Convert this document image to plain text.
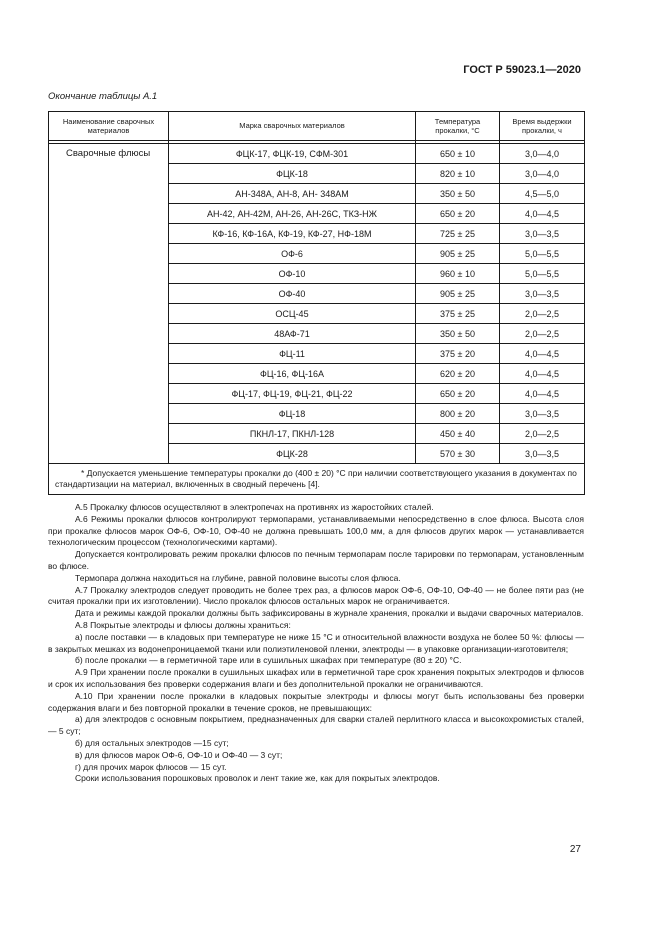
ГОСТ Р 59023.1—2020
Окончание таблицы А.1
Наименование сварочных материалов	Марка сварочных материалов	Температура прокалки, °С	Время выдержки прокалки, ч

Сварочные флюсы	ФЦК-17, ФЦК-19, СФМ-301	650 ± 10	3,0—4,0
	ФЦК-18	820 ± 10	3,0—4,0
	АН-348А, АН-8, АН- 348АМ	350 ± 50	4,5—5,0
	АН-42, АН-42М, АН-26, АН-26С, ТКЗ-НЖ	650 ± 20	4,0—4,5
	КФ-16, КФ-16А, КФ-19, КФ-27, НФ-18М	725 ± 25	3,0—3,5
	ОФ-6	905 ± 25	5,0—5,5
	ОФ-10	960 ± 10	5,0—5,5
	ОФ-40	905 ± 25	3,0—3,5
	ОСЦ-45	375 ± 25	2,0—2,5
	48АФ-71	350 ± 50	2,0—2,5
	ФЦ-11	375 ± 20	4,0—4,5
	ФЦ-16, ФЦ-16А	620 ± 20	4,0—4,5
	ФЦ-17, ФЦ-19, ФЦ-21, ФЦ-22	650 ± 20	4,0—4,5
	ФЦ-18	800 ± 20	3,0—3,5
	ПКНЛ-17, ПКНЛ-128	450 ± 40	2,0—2,5
	ФЦК-28	570 ± 30	3,0—3,5
* Допускается уменьшение температуры прокалки до (400 ± 20) °С при наличии соответствующего указания в документах по стандартизации на материал, включенных в сводный перечень [4].			

А.5 Прокалку флюсов осуществляют в электропечах на противнях из жаростойких сталей.

А.6 Режимы прокалки флюсов контролируют термопарами, устанавливаемыми непосредственно в слое флюса. Высота слоя при прокалке флюсов марок ОФ-6, ОФ-10, ОФ-40 не должна превышать 100,0 мм, а для флюсов других марок — устанавливается технологическим процессом (технологическими картами).

Допускается контролировать режим прокалки флюсов по печным термопарам после тарировки по термопарам, установленным во флюсе.

Термопара должна находиться на глубине, равной половине высоты слоя флюса.

А.7 Прокалку электродов следует проводить не более трех раз, а флюсов марок ОФ-6, ОФ-10, ОФ-40 — не более пяти раз (не считая прокалки при их изготовлении). Число прокалок флюсов остальных марок не ограничивается.

Дата и режимы каждой прокалки должны быть зафиксированы в журнале хранения, прокалки и выдачи сварочных материалов.

А.8 Покрытые электроды и флюсы должны храниться:

а) после поставки — в кладовых при температуре не ниже 15 °С и относительной влажности воздуха не более 50 %: флюсы — в закрытых мешках из водонепроницаемой ткани или полиэтиленовой пленки, электроды — в упаковке организации-изготовителя;

б) после прокалки — в герметичной таре или в сушильных шкафах при температуре (80 ± 20) °С.

А.9 При хранении после прокалки в сушильных шкафах или в герметичной таре срок хранения покрытых электродов и флюсов и срок их использования без проверки содержания влаги и без дополнительной прокалки не ограничиваются.

А.10 При хранении после прокалки в кладовых покрытые электроды и флюсы могут быть использованы без проверки содержания влаги и без повторной прокалки в течение сроков, не превышающих:

а) для электродов с основным покрытием, предназначенных для сварки сталей перлитного класса и высокохромистых сталей, — 5 сут;

б) для остальных электродов —15 сут;

в) для флюсов марок ОФ-6, ОФ-10 и ОФ-40 — 3 сут;

г) для прочих марок флюсов — 15 сут.

Сроки использования порошковых проволок и лент такие же, как для покрытых электродов.

27
